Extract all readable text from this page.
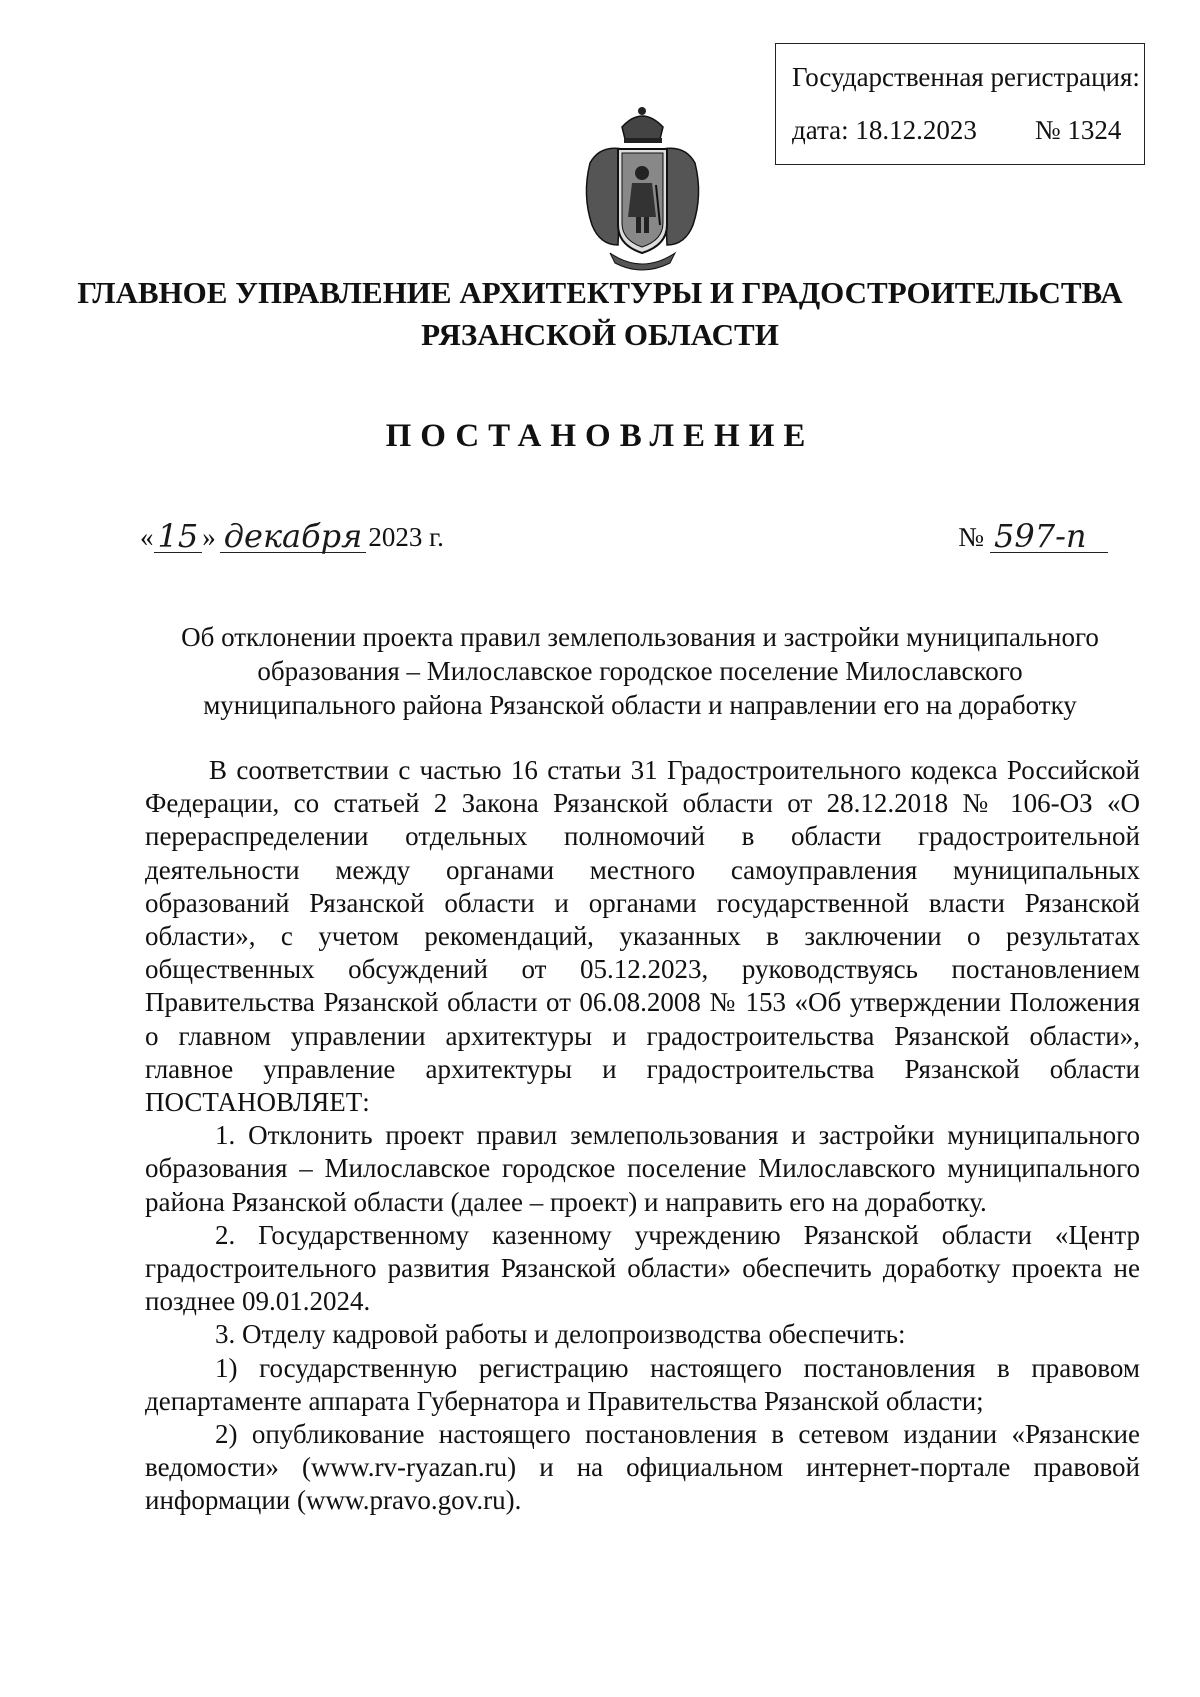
Государственная регистрация:
дата: 18.12.2023 № 1324
ГЛАВНОЕ УПРАВЛЕНИЕ АРХИТЕКТУРЫ И ГРАДОСТРОИТЕЛЬСТВА
РЯЗАНСКОЙ ОБЛАСТИ
ПОСТАНОВЛЕНИЕ
« 15 » декабря 2023 г.	№ 597-п
Об отклонении проекта правил землепользования и застройки муниципального
образования – Милославское городское поселение Милославского
муниципального района Рязанской области и направлении его на доработку

В соответствии с частью 16 статьи 31 Градостроительного кодекса Российской Федерации, со статьей 2 Закона Рязанской области от 28.12.2018 № 106-ОЗ «О перераспределении отдельных полномочий в области градостроительной деятельности между органами местного самоуправления муниципальных образований Рязанской области и органами государственной власти Рязанской области», с учетом рекомендаций, указанных в заключении о результатах общественных обсуждений от 05.12.2023, руководствуясь постановлением Правительства Рязанской области от 06.08.2008 № 153 «Об утверждении Положения о главном управлении архитектуры и градостроительства Рязанской области», главное управление архитектуры и градостроительства Рязанской области ПОСТАНОВЛЯЕТ:

1. Отклонить проект правил землепользования и застройки муниципального образования – Милославское городское поселение Милославского муниципального района Рязанской области (далее – проект) и направить его на доработку.

2. Государственному казенному учреждению Рязанской области «Центр градостроительного развития Рязанской области» обеспечить доработку проекта не позднее 09.01.2024.

3. Отделу кадровой работы и делопроизводства обеспечить:

1) государственную регистрацию настоящего постановления в правовом департаменте аппарата Губернатора и Правительства Рязанской области;

2) опубликование настоящего постановления в сетевом издании «Рязанские ведомости» (www.rv-ryazan.ru) и на официальном интернет-портале правовой информации (www.pravo.gov.ru).
